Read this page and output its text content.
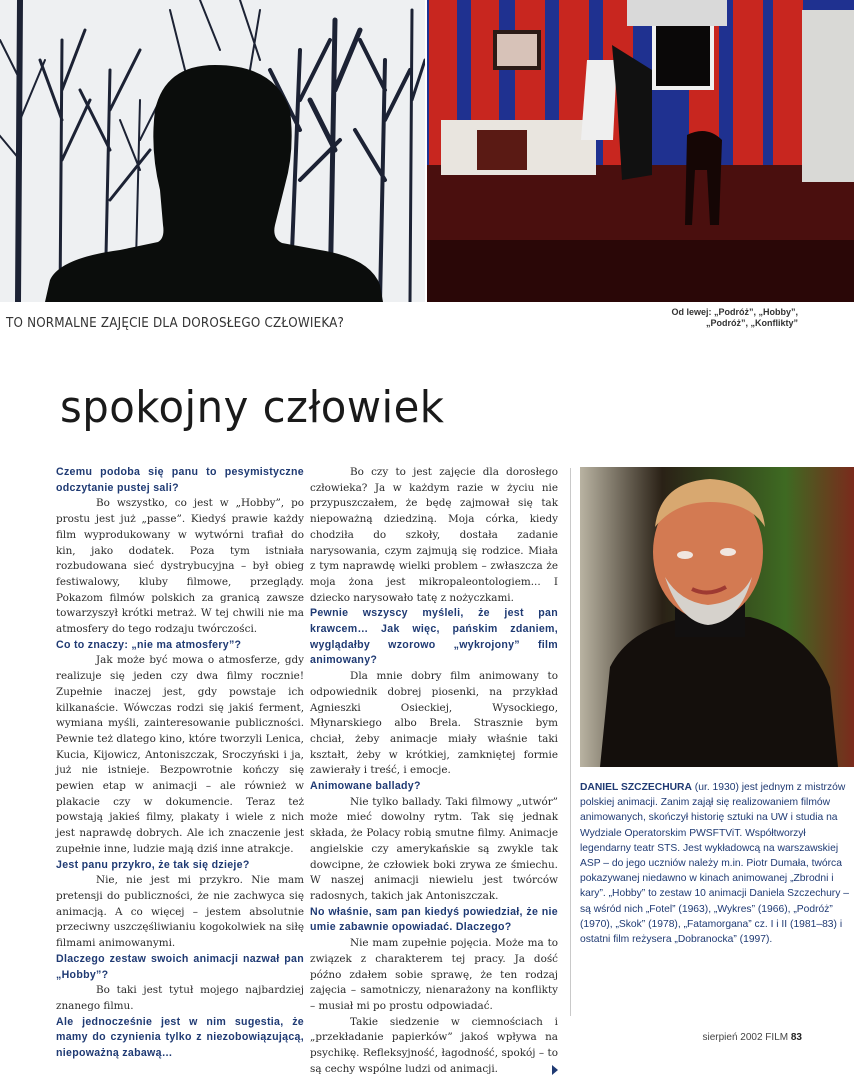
TO NORMALNE ZAJĘCIE DLA DOROSŁEGO CZŁOWIEKA?
Od lewej: „Podróż”, „Hobby”,
„Podróż”, „Konflikty”
spokojny człowiek

Czemu podoba się panu to pesymistyczne odczytanie pustej sali?

Bo wszystko, co jest w „Hobby”, po prostu jest już „passe”. Kiedyś prawie każdy film wyprodukowany w wytwórni trafiał do kin, jako dodatek. Poza tym istniała rozbudowana sieć dystrybucyjna – był obieg festiwalowy, kluby filmowe, przeglądy. Pokazom filmów polskich za granicą zawsze towarzyszył krótki metraż. W tej chwili nie ma atmosfery do tego rodzaju twórczości.

Co to znaczy: „nie ma atmosfery”?

Jak może być mowa o atmosferze, gdy realizuje się jeden czy dwa filmy rocznie! Zupełnie inaczej jest, gdy powstaje ich kilkanaście. Wówczas rodzi się jakiś ferment, wymiana myśli, zainteresowanie publiczności. Pewnie też dlatego kino, które tworzyli Lenica, Kucia, Kijowicz, Antoniszczak, Sroczyński i ja, już nie istnieje. Bezpowrotnie kończy się pewien etap w animacji – ale również w plakacie czy w dokumencie. Teraz też powstają jakieś filmy, plakaty i wiele z nich jest naprawdę dobrych. Ale ich znaczenie jest zupełnie inne, ludzie mają dziś inne atrakcje.

Jest panu przykro, że tak się dzieje?

Nie, nie jest mi przykro. Nie mam pretensji do publiczności, że nie zachwyca się animacją. A co więcej – jestem absolutnie przeciwny uszczęśliwianiu kogokolwiek na siłę filmami animowanymi.

Dlaczego zestaw swoich animacji nazwał pan „Hobby”?

Bo taki jest tytuł mojego najbardziej znanego filmu.

Ale jednocześnie jest w nim sugestia, że mamy do czynienia tylko z niezobowiązującą, niepoważną zabawą…

Bo czy to jest zajęcie dla dorosłego człowieka? Ja w każdym razie w życiu nie przypuszczałem, że będę zajmował się tak niepoważną dziedziną. Moja córka, kiedy chodziła do szkoły, dostała zadanie narysowania, czym zajmują się rodzice. Miała z tym naprawdę wielki problem – zwłaszcza że moja żona jest mikropaleontologiem... I dziecko narysowało tatę z nożyczkami.

Pewnie wszyscy myśleli, że jest pan krawcem… Jak więc, pańskim zdaniem, wyglądałby wzorowo „wykrojony” film animowany?

Dla mnie dobry film animowany to odpowiednik dobrej piosenki, na przykład Agnieszki Osieckiej, Wysockiego, Młynarskiego albo Brela. Strasznie bym chciał, żeby animacje miały właśnie taki kształt, żeby w krótkiej, zamkniętej formie zawierały i treść, i emocje.

Animowane ballady?

Nie tylko ballady. Taki filmowy „utwór” może mieć dowolny rytm. Tak się jednak składa, że Polacy robią smutne filmy. Animacje angielskie czy amerykańskie są zwykle tak dowcipne, że człowiek boki zrywa ze śmiechu. W naszej animacji niewielu jest twórców radosnych, takich jak Antoniszczak.

No właśnie, sam pan kiedyś powiedział, że nie umie zabawnie opowiadać. Dlaczego?

Nie mam zupełnie pojęcia. Może ma to związek z charakterem tej pracy. Ja dość późno zdałem sobie sprawę, że ten rodzaj zajęcia – samotniczy, nienarażony na konflikty – musiał mi po prostu odpowiadać.

Takie siedzenie w ciemnościach i „przekładanie papierków” jakoś wpływa na psychikę. Refleksyjność, łagodność, spokój – to są cechy wspólne ludzi od animacji.

DANIEL SZCZECHURA (ur. 1930) jest jednym z mistrzów polskiej animacji. Zanim zajął się realizowaniem filmów animowanych, skończył historię sztuki na UW i studia na Wydziale Operatorskim PWSFTViT. Współtworzył legendarny teatr STS. Jest wykładowcą na warszawskiej ASP – do jego uczniów należy m.in. Piotr Dumała, twórca pokazywanej niedawno w kinach animowanej „Zbrodni i kary”. „Hobby” to zestaw 10 animacji Daniela Szczechury – są wśród nich „Fotel” (1963), „Wykres” (1966), „Podróż” (1970), „Skok” (1978), „Fatamorgana” cz. I i II (1981–83) i ostatni film reżysera „Dobranocka” (1997).
sierpień 2002 FILM 83
